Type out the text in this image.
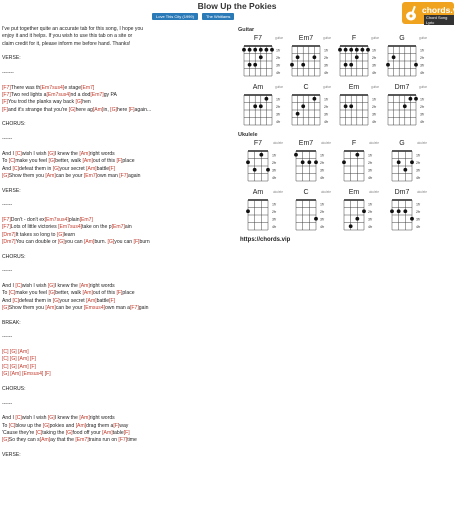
Blow Up the Pokies
Love This City (1999)	The Whitlams
chords.vip
Chord Song Lyric
I've put together quite an accurate tab for this song, I hope you
enjoy it and it helps. If you wish to use this tab on a site or
claim credit for it, please inform me before hand. Thanks!

VERSE:

-------

[F7]There was th[Em7sus4]e stage[Em7]
[F7]Two red lights a[Em7sus4]nd a dod[Em7]gy PA
[F]You trod the planks way back [G]hen
[F]and it's strange that you're [G]here ag[Am]in, [G]here [F]again...

CHORUS:

------

And I [C]wish I wish [G]I knew the [Am]right words
To [C]make you feel [G]better, walk [Am]out of this [F]place
And [C]defeat them in [G]your secret [Am]battle[F]
[G]Show them you [Am]can be your [Em7]own man [F7]again

VERSE:

------

[F7]Don't - don't ex[Em7sus4]plain[Em7]
[F7]Lots of little victories [Em7sus4]take on the p[Em7]ain
[Dm7]It takes so long to [G]learn
[Dm7]You can double or [G]you can [Am]burn. [G]you can [F]burn

CHORUS:

------

And I [C]wish I wish [G]I knew the [Am]right words
To [C]make you feel [G]better, walk [Am]out of this [F]place
And [C]defeat them in [G]your secret [Am]battle[F]
[G]Show them you [Am]can be your [Emsus4]own man a[F7]gain

BREAK:

------

[C] [G] [Am]
[C] [G] [Am] [F]
[C] [G] [Am] [F]
[G] [Am] [Emsus4] [F]

CHORUS:

------

And I [C]wish I wish [G]I knew the [Am]right words
To [C]blow up the [G]pokies and [Am]drag them a[F]way
'Cause they're [C]taking the [G]food off your [Am]table[F]
[G]So they can s[Am]ay that the [Em7]trains run on [F7]time

VERSE:
Guitar
F7	guitar
1fr
2fr
3fr
4fr
Em7	guitar
1fr
2fr
3fr
4fr
F	guitar
1fr
2fr
3fr
4fr
G	guitar
1fr
2fr
3fr
4fr
Am	guitar
1fr
2fr
3fr
4fr
C	guitar
1fr
2fr
3fr
4fr
Em	guitar
1fr
2fr
3fr
4fr
Dm7	guitar
1fr
2fr
3fr
4fr
Ukulele
F7	ukulele
1fr
2fr
3fr
4fr
Em7	ukulele
1fr
2fr
3fr
4fr
F	ukulele
1fr
2fr
3fr
4fr
G	ukulele
1fr
2fr
3fr
4fr
Am	ukulele
1fr
2fr
3fr
4fr
C	ukulele
1fr
2fr
3fr
4fr
Em	ukulele
1fr
2fr
3fr
4fr
Dm7	ukulele
1fr
2fr
3fr
4fr
https://chords.vip
